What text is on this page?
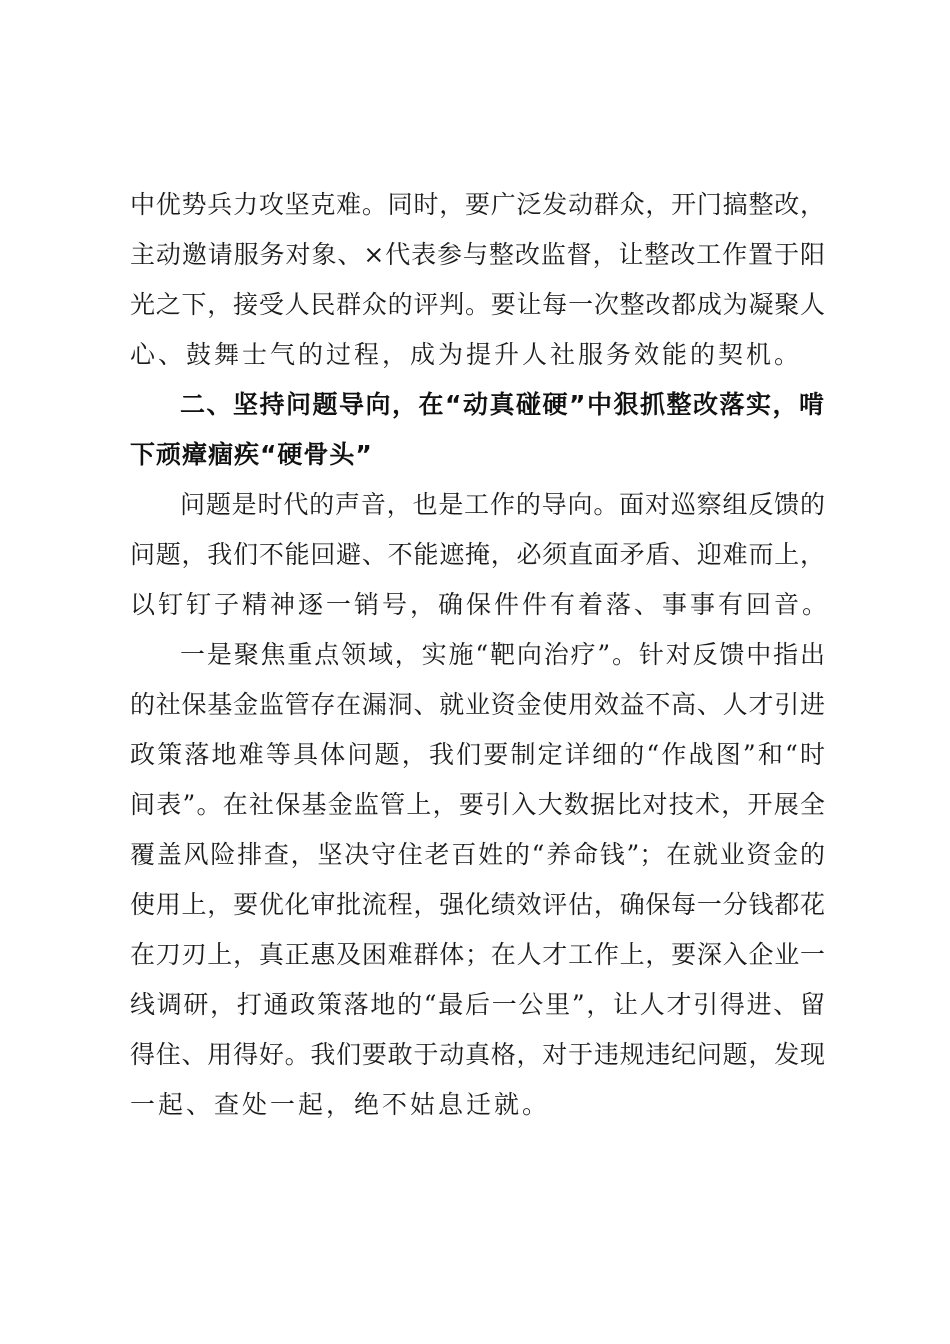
中优势兵力攻坚克难。同时，要广泛发动群众，开门搞整改，
主动邀请服务对象、×代表参与整改监督，让整改工作置于阳
光之下，接受人民群众的评判。要让每一次整改都成为凝聚人
心、鼓舞士气的过程，成为提升人社服务效能的契机。
二、坚持问题导向，在“动真碰硬”中狠抓整改落实，啃
下顽瘴痼疾“硬骨头”
问题是时代的声音，也是工作的导向。面对巡察组反馈的
问题，我们不能回避、不能遮掩，必须直面矛盾、迎难而上，
以钉钉子精神逐一销号，确保件件有着落、事事有回音。
一是聚焦重点领域，实施“靶向治疗”。针对反馈中指出
的社保基金监管存在漏洞、就业资金使用效益不高、人才引进
政策落地难等具体问题，我们要制定详细的“作战图”和“时
间表”。在社保基金监管上，要引入大数据比对技术，开展全
覆盖风险排查，坚决守住老百姓的“养命钱”；在就业资金的
使用上，要优化审批流程，强化绩效评估，确保每一分钱都花
在刀刃上，真正惠及困难群体；在人才工作上，要深入企业一
线调研，打通政策落地的“最后一公里”，让人才引得进、留
得住、用得好。我们要敢于动真格，对于违规违纪问题，发现
一起、查处一起，绝不姑息迁就。
